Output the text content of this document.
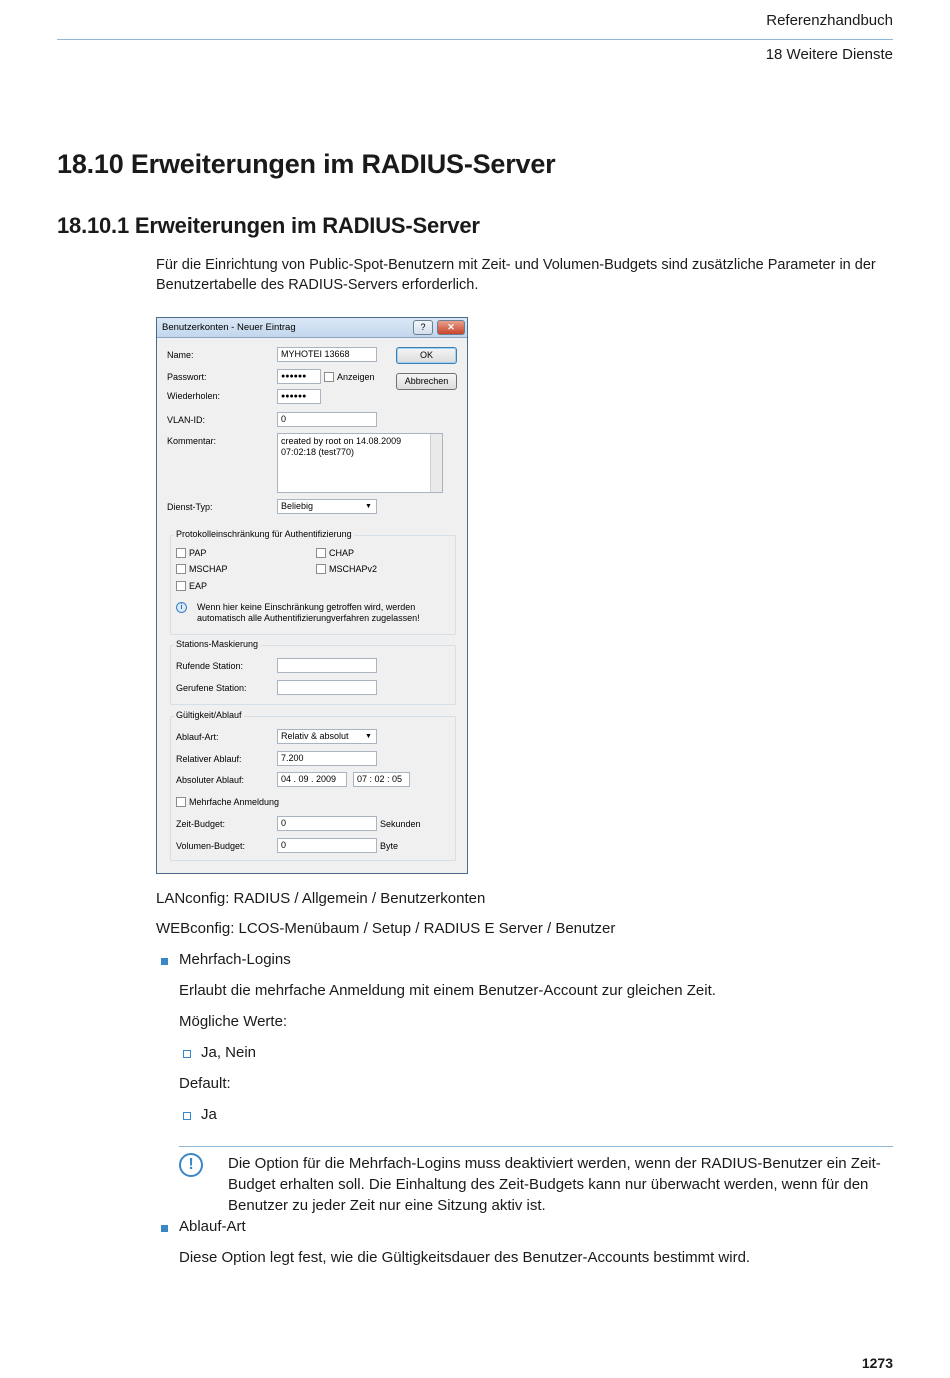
Referenzhandbuch
18 Weitere Dienste
18.10 Erweiterungen im RADIUS-Server
18.10.1 Erweiterungen im RADIUS-Server
Für die Einrichtung von Public-Spot-Benutzern mit Zeit- und Volumen-Budgets sind zusätzliche Parameter in der Benutzertabelle des RADIUS-Servers erforderlich.
Benutzerkonten - Neuer Eintrag	?	✕
Name:	MYHOTEI 13668	OK
Passwort:	●●●●●●	Anzeigen	Abbrechen
Wiederholen:	●●●●●●
VLAN-ID:	0
Kommentar:	created by root on 14.08.2009
07:02:18 (test770)
Dienst-Typ:	Beliebig	▼
Protokolleinschränkung für Authentifizierung
PAP	CHAP
MSCHAP	MSCHAPv2
EAP
i	Wenn hier keine Einschränkung getroffen wird, werden
automatisch alle Authentifizierungverfahren zugelassen!
Stations-Maskierung
Rufende Station:
Gerufene Station:
Gültigkeit/Ablauf
Ablauf-Art:	Relativ & absolut	▼
Relativer Ablauf:	7.200
Absoluter Ablauf:	04 . 09 . 2009	07 : 02 : 05
Mehrfache Anmeldung
Zeit-Budget:	0	Sekunden
Volumen-Budget:	0	Byte
LANconfig: RADIUS / Allgemein / Benutzerkonten
WEBconfig: LCOS-Menübaum / Setup / RADIUS E Server / Benutzer
Mehrfach-Logins
Erlaubt die mehrfache Anmeldung mit einem Benutzer-Account zur gleichen Zeit.
Mögliche Werte:
Ja, Nein
Default:
Ja
!	Die Option für die Mehrfach-Logins muss deaktiviert werden, wenn der RADIUS-Benutzer ein Zeit-Budget erhalten soll. Die Einhaltung des Zeit-Budgets kann nur überwacht werden, wenn für den Benutzer zu jeder Zeit nur eine Sitzung aktiv ist.
Ablauf-Art
Diese Option legt fest, wie die Gültigkeitsdauer des Benutzer-Accounts bestimmt wird.
1273
